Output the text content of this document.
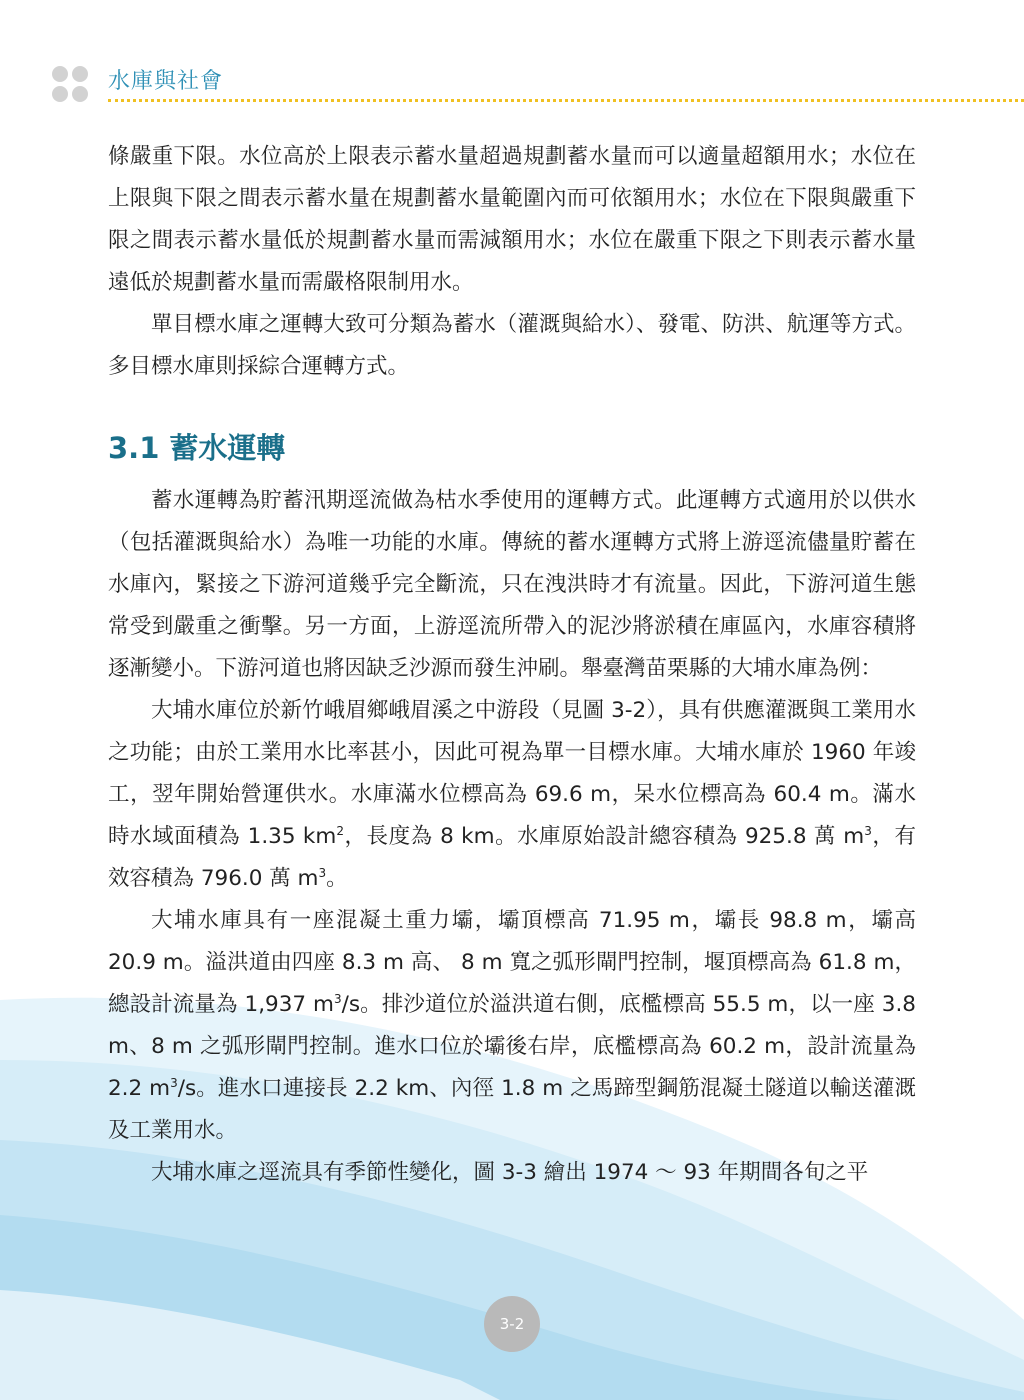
水庫與社會

條嚴重下限。水位高於上限表示蓄水量超過規劃蓄水量而可以適量超額用水；水位在上限與下限之間表示蓄水量在規劃蓄水量範圍內而可依額用水；水位在下限與嚴重下限之間表示蓄水量低於規劃蓄水量而需減額用水；水位在嚴重下限之下則表示蓄水量遠低於規劃蓄水量而需嚴格限制用水。

單目標水庫之運轉大致可分類為蓄水（灌溉與給水）、發電、防洪、航運等方式。多目標水庫則採綜合運轉方式。

3.1 蓄水運轉

蓄水運轉為貯蓄汛期逕流做為枯水季使用的運轉方式。此運轉方式適用於以供水（包括灌溉與給水）為唯一功能的水庫。傳統的蓄水運轉方式將上游逕流儘量貯蓄在水庫內，緊接之下游河道幾乎完全斷流，只在洩洪時才有流量。因此，下游河道生態常受到嚴重之衝擊。另一方面，上游逕流所帶入的泥沙將淤積在庫區內，水庫容積將逐漸變小。下游河道也將因缺乏沙源而發生沖刷。舉臺灣苗栗縣的大埔水庫為例：

大埔水庫位於新竹峨眉鄉峨眉溪之中游段（見圖 3-2），具有供應灌溉與工業用水之功能；由於工業用水比率甚小，因此可視為單一目標水庫。大埔水庫於 1960 年竣工，翌年開始營運供水。水庫滿水位標高為 69.6 m，呆水位標高為 60.4 m。滿水時水域面積為 1.35 $km^2$，長度為 8 km。水庫原始設計總容積為 925.8 萬 $m^3$，有效容積為 796.0 萬 $m^3$。

大埔水庫具有一座混凝土重力壩，壩頂標高 71.95 m，壩長 98.8 m，壩高 20.9 m。溢洪道由四座 8.3 m 高、 8 m 寬之弧形閘門控制，堰頂標高為 61.8 m，總設計流量為 1,937 $m^3/s$。排沙道位於溢洪道右側，底檻標高 55.5 m，以一座 3.8 m、8 m 之弧形閘門控制。進水口位於壩後右岸，底檻標高為 60.2 m，設計流量為 2.2 $m^3/s$。進水口連接長 2.2 km、內徑 1.8 m 之馬蹄型鋼筋混凝土隧道以輸送灌溉及工業用水。

大埔水庫之逕流具有季節性變化，圖 3-3 繪出 1974 ～ 93 年期間各旬之平

3-2
